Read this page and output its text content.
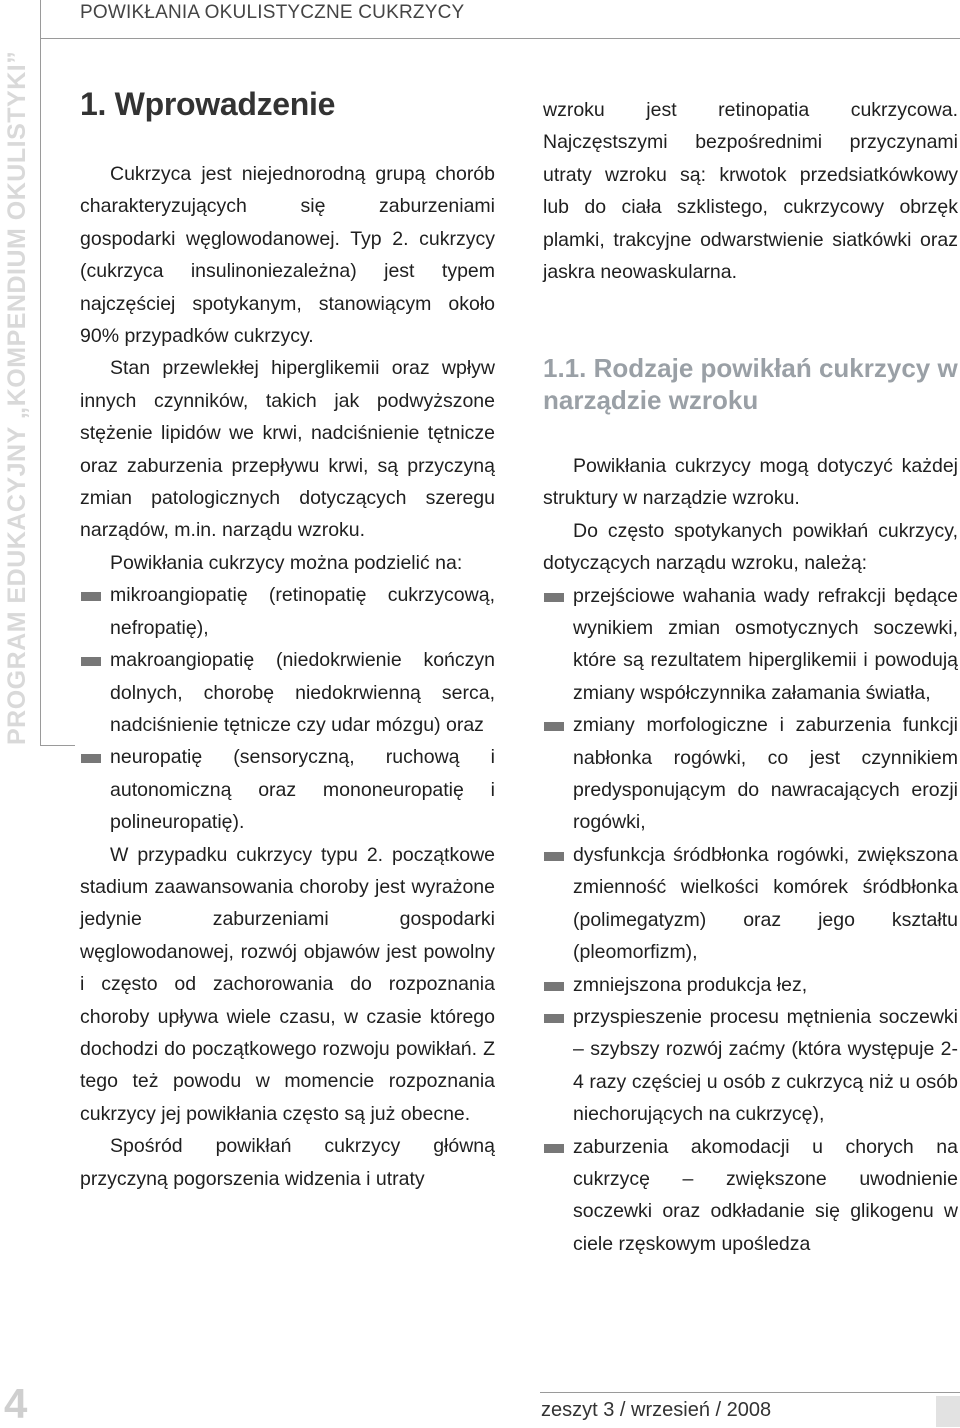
POWIKŁANIA OKULISTYCZNE CUKRZYCY
PROGRAM EDUKACYJNY „KOMPENDIUM OKULISTYKI” 1. Wprowadzenie

Cukrzyca jest niejednorodną grupą chorób charakteryzujących się zaburzeniami gospodarki węglowodanowej. Typ 2. cukrzycy (cukrzyca insulinoniezależna) jest typem najczęściej spotykanym, stanowiącym około 90% przypadków cukrzycy.

Stan przewlekłej hiperglikemii oraz wpływ innych czynników, takich jak podwyższone stężenie lipidów we krwi, nadciśnienie tętnicze oraz zaburzenia przepływu krwi, są przyczyną zmian patologicznych dotyczących szeregu narządów, m.in. narządu wzroku.

Powikłania cukrzycy można podzielić na:

mikroangiopatię (retinopatię cukrzycową, nefropatię),
makroangiopatię (niedokrwienie kończyn dolnych, chorobę niedokrwienną serca, nadciśnienie tętnicze czy udar mózgu) oraz
neuropatię (sensoryczną, ruchową i autonomiczną oraz mononeuropatię i polineuropatię).

W przypadku cukrzycy typu 2. początkowe stadium zaawansowania choroby jest wyrażone jedynie zaburzeniami gospodarki węglowodanowej, rozwój objawów jest powolny i często od zachorowania do rozpoznania choroby upływa wiele czasu, w czasie którego dochodzi do początkowego rozwoju powikłań. Z tego też powodu w momencie rozpoznania cukrzycy jej powikłania często są już obecne.

Spośród powikłań cukrzycy główną przyczyną pogorszenia widzenia i utraty

wzroku jest retinopatia cukrzycowa. Najczęstszymi bezpośrednimi przyczynami utraty wzroku są: krwotok przedsiatkówkowy lub do ciała szklistego, cukrzycowy obrzęk plamki, trakcyjne odwarstwienie siatkówki oraz jaskra neowaskularna.

1.1. Rodzaje powikłań cukrzycy w narządzie wzroku

Powikłania cukrzycy mogą dotyczyć każdej struktury w narządzie wzroku.

Do często spotykanych powikłań cukrzycy, dotyczących narządu wzroku, należą:

przejściowe wahania wady refrakcji będące wynikiem zmian osmotycznych soczewki, które są rezultatem hiperglikemii i powodują zmiany współczynnika załamania światła,
zmiany morfologiczne i zaburzenia funkcji nabłonka rogówki, co jest czynnikiem predysponującym do nawracających erozji rogówki,
dysfunkcja śródbłonka rogówki, zwiększona zmienność wielkości komórek śródbłonka (polimegatyzm) oraz jego kształtu (pleomorfizm),
zmniejszona produkcja łez,
przyspieszenie procesu mętnienia soczewki – szybszy rozwój zaćmy (która występuje 2-4 razy częściej u osób z cukrzycą niż u osób niechorujących na cukrzycę),
zaburzenia akomodacji u chorych na cukrzycę – zwiększone uwodnienie soczewki oraz odkładanie się glikogenu w ciele rzęskowym upośledza
4	zeszyt 3 / wrzesień / 2008
